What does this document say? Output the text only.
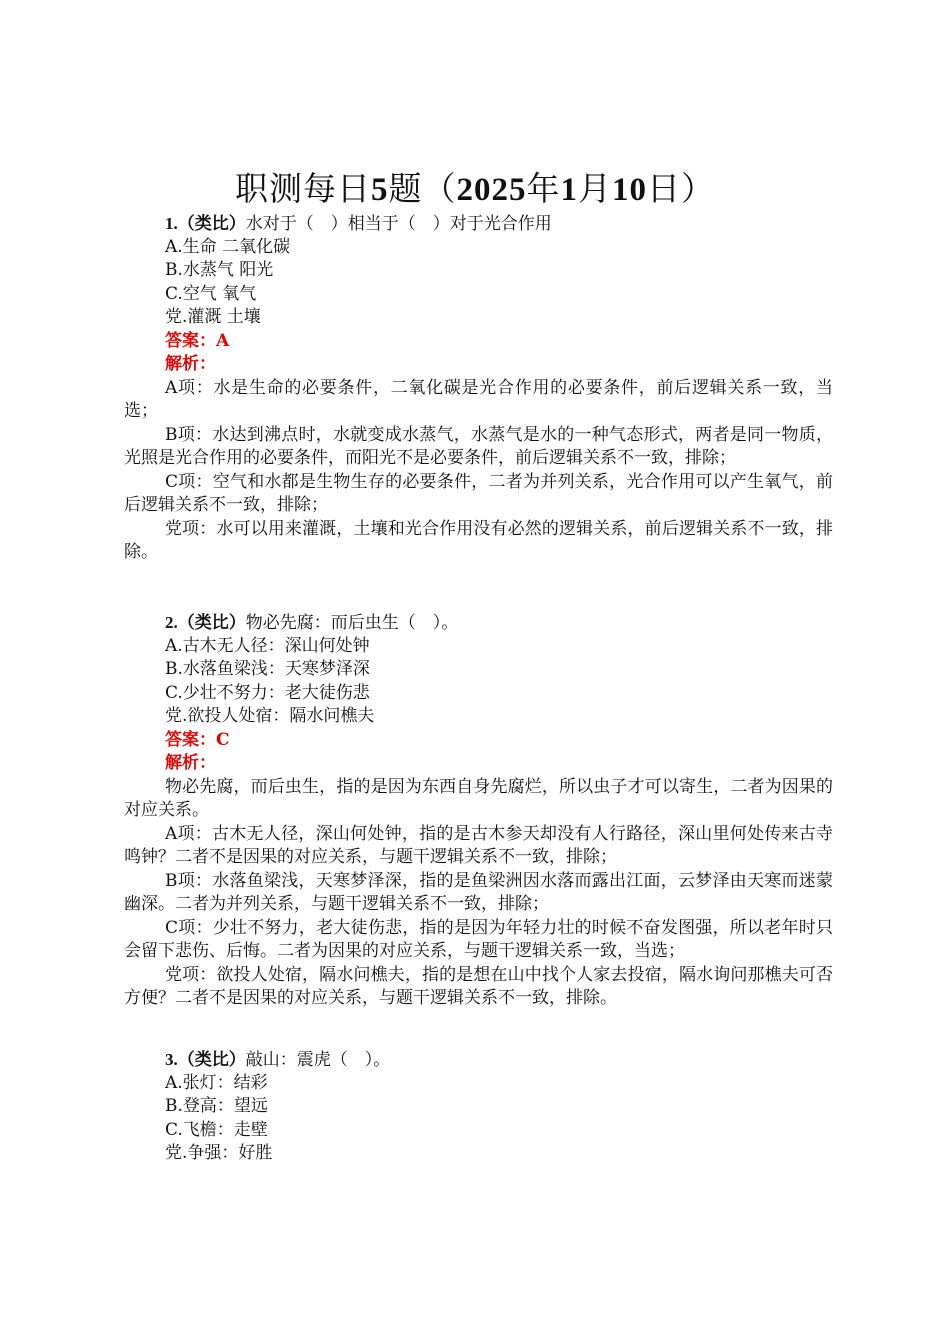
职测每日5题（2025年1月10日）
1.（类比）水对于（　）相当于（　）对于光合作用
A.生命 二氧化碳
B.水蒸气 阳光
C.空气 氧气
党.灌溉 土壤
答案：A
解析：
A项：水是生命的必要条件，二氧化碳是光合作用的必要条件，前后逻辑关系一致，当选；
B项：水达到沸点时，水就变成水蒸气，水蒸气是水的一种气态形式，两者是同一物质，光照是光合作用的必要条件，而阳光不是必要条件，前后逻辑关系不一致，排除；
C项：空气和水都是生物生存的必要条件，二者为并列关系，光合作用可以产生氧气，前后逻辑关系不一致，排除；
党项：水可以用来灌溉，土壤和光合作用没有必然的逻辑关系，前后逻辑关系不一致，排除。
2.（类比）物必先腐：而后虫生（　）。
A.古木无人径：深山何处钟
B.水落鱼梁浅：天寒梦泽深
C.少壮不努力：老大徒伤悲
党.欲投人处宿：隔水问樵夫
答案：C
解析：
物必先腐，而后虫生，指的是因为东西自身先腐烂，所以虫子才可以寄生，二者为因果的对应关系。
A项：古木无人径，深山何处钟，指的是古木参天却没有人行路径，深山里何处传来古寺鸣钟？二者不是因果的对应关系，与题干逻辑关系不一致，排除；
B项：水落鱼梁浅，天寒梦泽深，指的是鱼梁洲因水落而露出江面，云梦泽由天寒而迷蒙幽深。二者为并列关系，与题干逻辑关系不一致，排除；
C项：少壮不努力，老大徒伤悲，指的是因为年轻力壮的时候不奋发图强，所以老年时只会留下悲伤、后悔。二者为因果的对应关系，与题干逻辑关系一致，当选；
党项：欲投人处宿，隔水问樵夫，指的是想在山中找个人家去投宿，隔水询问那樵夫可否方便？二者不是因果的对应关系，与题干逻辑关系不一致，排除。
3.（类比）敲山：震虎（　）。
A.张灯：结彩
B.登高：望远
C.飞檐：走壁
党.争强：好胜
